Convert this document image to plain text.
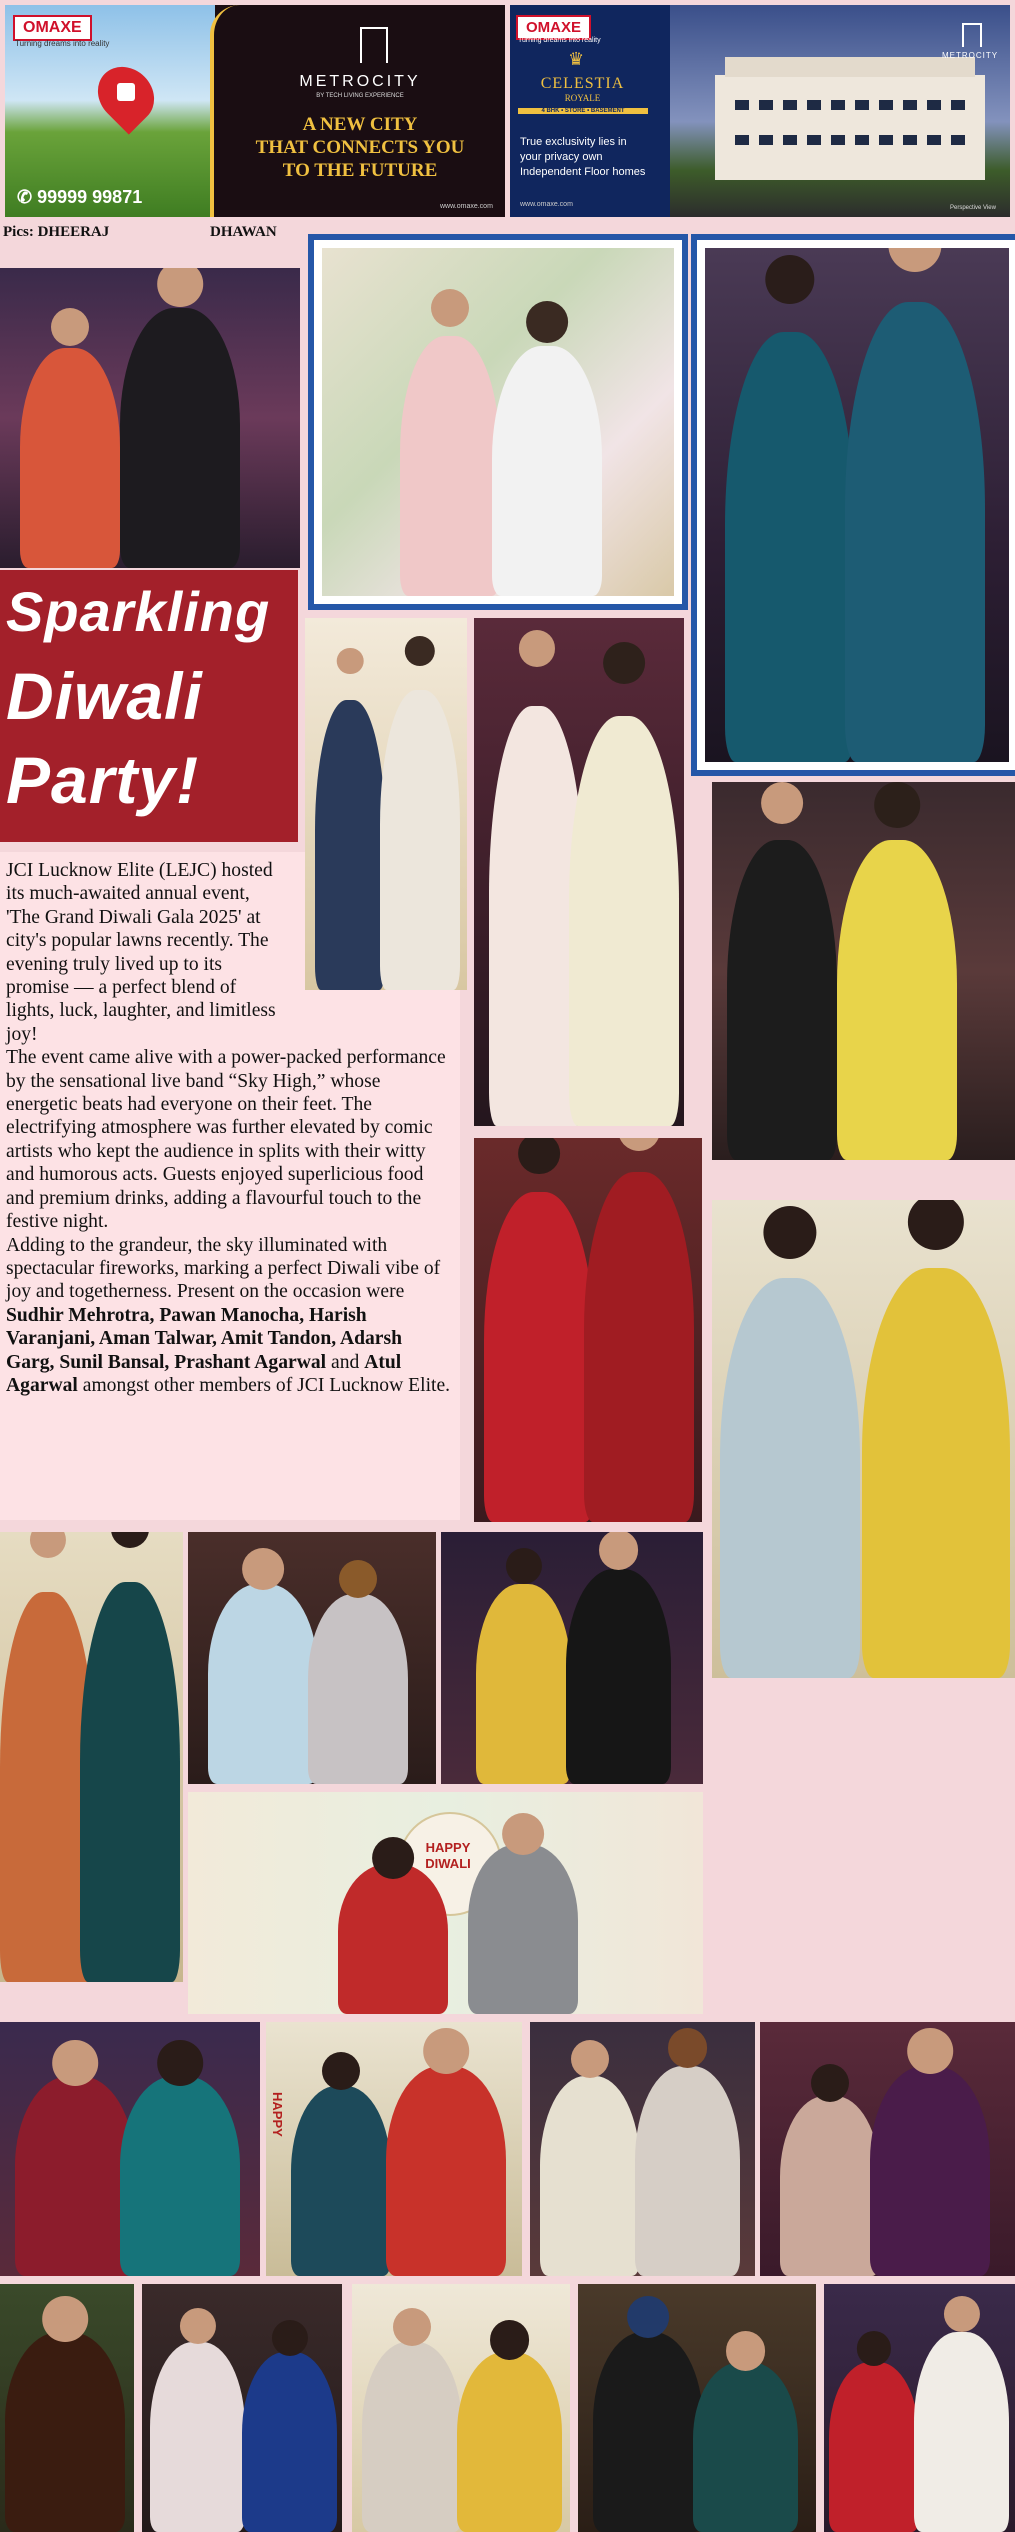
OMAXE
Turning dreams into reality
✆ 99999 99871
METROCITY
BY TECH LIVING EXPERIENCE
A NEW CITY
THAT CONNECTS YOU
TO THE FUTURE
www.omaxe.com
OMAXE
Turning dreams into reality
♛
CELESTIA
ROYALE
4 BHK • STORE • BASEMENT
True exclusivity lies in
your privacy own
Independent Floor homes
www.omaxe.com
METROCITY
Perspective View
Pics: DHEERAJ	DHAWAN
Sparkling
Diwali
Party!

JCI Lucknow Elite (LEJC) hosted its much-awaited annual event, 'The Grand Diwali Gala 2025' at city's popular lawns recently. The evening truly lived up to its promise — a perfect blend of lights, luck, laughter, and limitless joy!

The event came alive with a power-packed performance by the sensational live band “Sky High,” whose energetic beats had everyone on their feet. The electrifying atmosphere was further elevated by comic artists who kept the audience in splits with their witty and humorous acts. Guests enjoyed superlicious food and premium drinks, adding a flavourful touch to the festive night.

Adding to the grandeur, the sky illuminated with spectacular fireworks, marking a perfect Diwali vibe of joy and togetherness. Present on the occasion were Sudhir Mehrotra, Pawan Manocha, Harish Varanjani, Aman Talwar, Amit Tandon, Adarsh Garg, Sunil Bansal, Prashant Agarwal and Atul Agarwal amongst other members of JCI Lucknow Elite.

HAPPY
DIWALI
HAPPY
